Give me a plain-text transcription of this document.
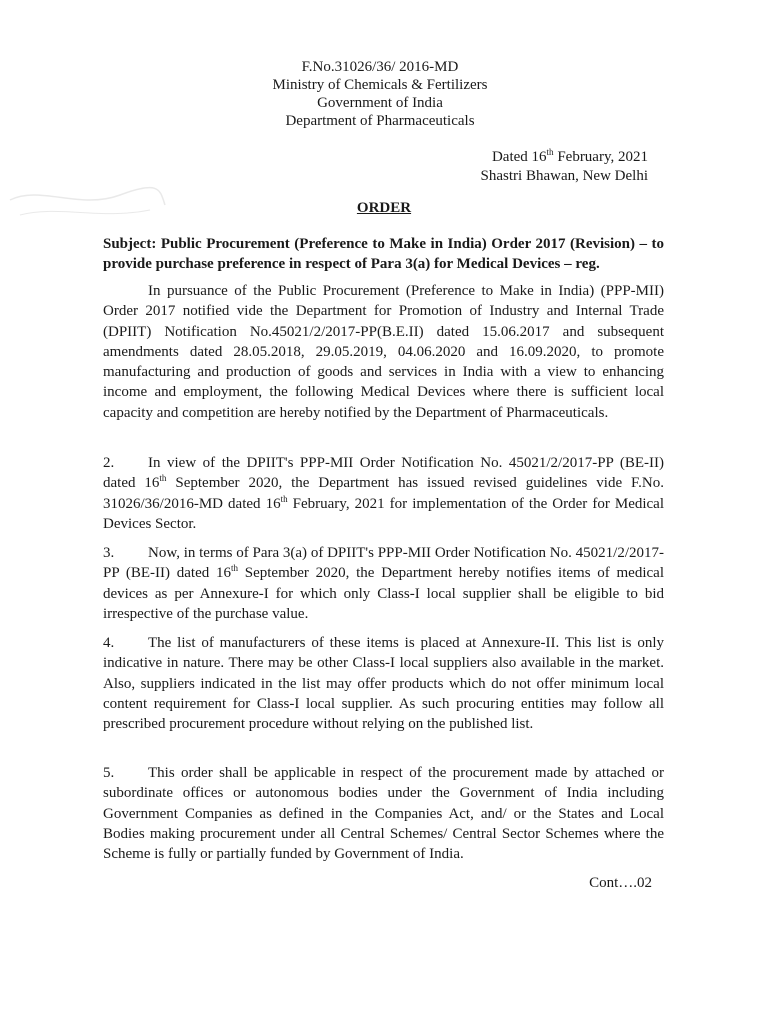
F.No.31026/36/ 2016-MD
Ministry of Chemicals & Fertilizers
Government of India
Department of Pharmaceuticals
Dated 16th February, 2021
Shastri Bhawan, New Delhi
ORDER
Subject: Public Procurement (Preference to Make in India) Order 2017 (Revision) – to provide purchase preference in respect of Para 3(a) for Medical Devices – reg.
In pursuance of the Public Procurement (Preference to Make in India) (PPP-MII) Order 2017 notified vide the Department for Promotion of Industry and Internal Trade (DPIIT) Notification No.45021/2/2017-PP(B.E.II) dated 15.06.2017 and subsequent amendments dated 28.05.2018, 29.05.2019, 04.06.2020 and 16.09.2020, to promote manufacturing and production of goods and services in India with a view to enhancing income and employment, the following Medical Devices where there is sufficient local capacity and competition are hereby notified by the Department of Pharmaceuticals.
2. In view of the DPIIT's PPP-MII Order Notification No. 45021/2/2017-PP (BE-II) dated 16th September 2020, the Department has issued revised guidelines vide F.No. 31026/36/2016-MD dated 16th February, 2021 for implementation of the Order for Medical Devices Sector.
3. Now, in terms of Para 3(a) of DPIIT's PPP-MII Order Notification No. 45021/2/2017-PP (BE-II) dated 16th September 2020, the Department hereby notifies items of medical devices as per Annexure-I for which only Class-I local supplier shall be eligible to bid irrespective of the purchase value.
4. The list of manufacturers of these items is placed at Annexure-II. This list is only indicative in nature. There may be other Class-I local suppliers also available in the market. Also, suppliers indicated in the list may offer products which do not offer minimum local content requirement for Class-I local supplier. As such procuring entities may follow all prescribed procurement procedure without relying on the published list.
5. This order shall be applicable in respect of the procurement made by attached or subordinate offices or autonomous bodies under the Government of India including Government Companies as defined in the Companies Act, and/ or the States and Local Bodies making procurement under all Central Schemes/ Central Sector Schemes where the Scheme is fully or partially funded by Government of India.
Cont….02
